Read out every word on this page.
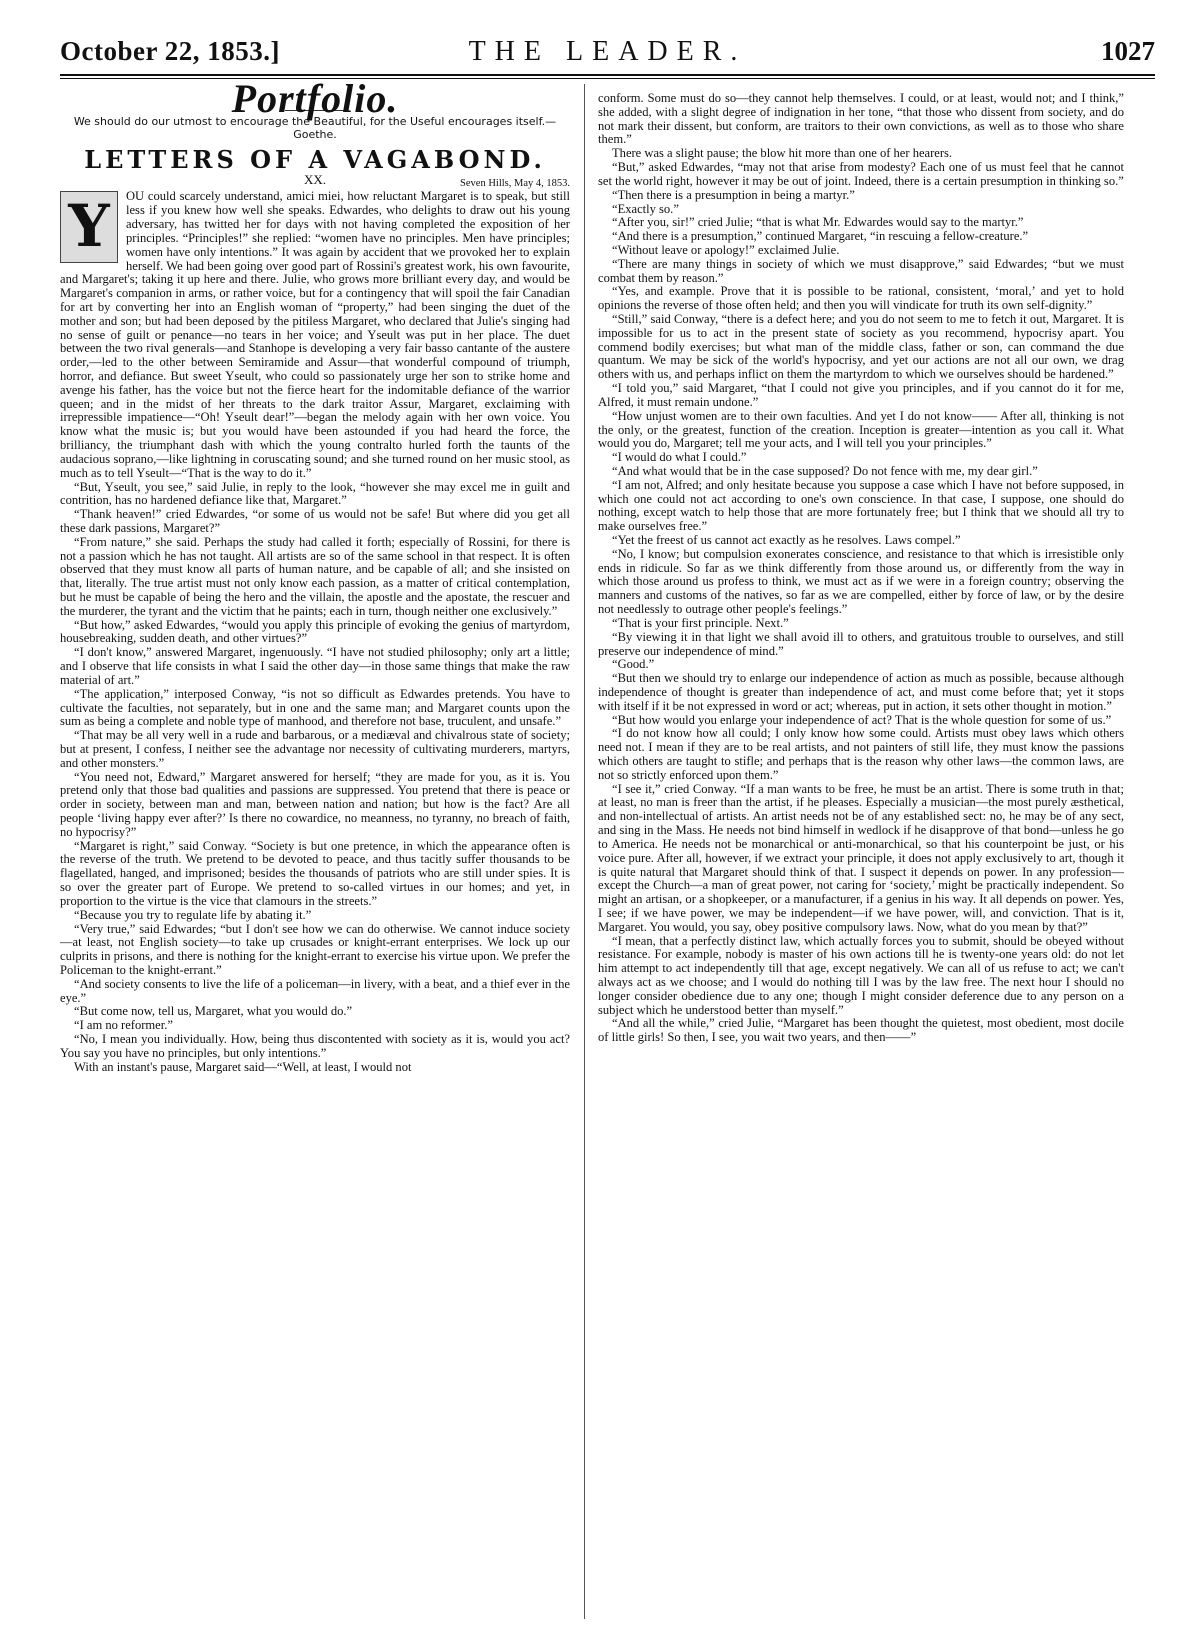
October 22, 1853.]	THE LEADER.	1027
Portfolio.
We should do our utmost to encourage the Beautiful, for the Useful encourages itself.—Goethe.
LETTERS OF A VAGABOND.
XX.	Seven Hills, May 4, 1853.
Y	OU could scarcely understand, amici miei, how reluctant Margaret is to speak, but still less if you knew how well she speaks. Edwardes, who delights to draw out his young adversary, has twitted her for days with not having completed the exposition of her principles. “Principles!” she replied: “women have no principles. Men have principles; women have only intentions.” It was again by accident that we provoked her to explain herself. We had been going over good part of Rossini's greatest work, his own favourite, and Margaret's; taking it up here and there. Julie, who grows more brilliant every day, and would be Margaret's companion in arms, or rather voice, but for a contingency that will spoil the fair Canadian for art by converting her into an English woman of “property,” had been singing the duet of the mother and son; but had been deposed by the pitiless Margaret, who declared that Julie's singing had no sense of guilt or penance—no tears in her voice; and Yseult was put in her place. The duet between the two rival generals—and Stanhope is developing a very fair basso cantante of the austere order,—led to the other between Semiramide and Assur—that wonderful compound of triumph, horror, and defiance. But sweet Yseult, who could so passionately urge her son to strike home and avenge his father, has the voice but not the fierce heart for the indomitable defiance of the warrior queen; and in the midst of her threats to the dark traitor Assur, Margaret, exclaiming with irrepressible impatience—“Oh! Yseult dear!”—began the melody again with her own voice. You know what the music is; but you would have been astounded if you had heard the force, the brilliancy, the triumphant dash with which the young contralto hurled forth the taunts of the audacious soprano,—like lightning in coruscating sound; and she turned round on her music stool, as much as to tell Yseult—“That is the way to do it.”

“But, Yseult, you see,” said Julie, in reply to the look, “however she may excel me in guilt and contrition, has no hardened defiance like that, Margaret.”

“Thank heaven!” cried Edwardes, “or some of us would not be safe! But where did you get all these dark passions, Margaret?”

“From nature,” she said. Perhaps the study had called it forth; especially of Rossini, for there is not a passion which he has not taught. All artists are so of the same school in that respect. It is often observed that they must know all parts of human nature, and be capable of all; and she insisted on that, literally. The true artist must not only know each passion, as a matter of critical contemplation, but he must be capable of being the hero and the villain, the apostle and the apostate, the rescuer and the murderer, the tyrant and the victim that he paints; each in turn, though neither one exclusively.”

“But how,” asked Edwardes, “would you apply this principle of evoking the genius of martyrdom, housebreaking, sudden death, and other virtues?”

“I don't know,” answered Margaret, ingenuously. “I have not studied philosophy; only art a little; and I observe that life consists in what I said the other day—in those same things that make the raw material of art.”

“The application,” interposed Conway, “is not so difficult as Edwardes pretends. You have to cultivate the faculties, not separately, but in one and the same man; and Margaret counts upon the sum as being a complete and noble type of manhood, and therefore not base, truculent, and unsafe.”

“That may be all very well in a rude and barbarous, or a mediæval and chivalrous state of society; but at present, I confess, I neither see the advantage nor necessity of cultivating murderers, martyrs, and other monsters.”

“You need not, Edward,” Margaret answered for herself; “they are made for you, as it is. You pretend only that those bad qualities and passions are suppressed. You pretend that there is peace or order in society, between man and man, between nation and nation; but how is the fact? Are all people ‘living happy ever after?’ Is there no cowardice, no meanness, no tyranny, no breach of faith, no hypocrisy?”

“Margaret is right,” said Conway. “Society is but one pretence, in which the appearance often is the reverse of the truth. We pretend to be devoted to peace, and thus tacitly suffer thousands to be flagellated, hanged, and imprisoned; besides the thousands of patriots who are still under spies. It is so over the greater part of Europe. We pretend to so-called virtues in our homes; and yet, in proportion to the virtue is the vice that clamours in the streets.”

“Because you try to regulate life by abating it.”

“Very true,” said Edwardes; “but I don't see how we can do otherwise. We cannot induce society—at least, not English society—to take up crusades or knight-errant enterprises. We lock up our culprits in prisons, and there is nothing for the knight-errant to exercise his virtue upon. We prefer the Policeman to the knight-errant.”

“And society consents to live the life of a policeman—in livery, with a beat, and a thief ever in the eye.”

“But come now, tell us, Margaret, what you would do.”

“I am no reformer.”

“No, I mean you individually. How, being thus discontented with society as it is, would you act? You say you have no principles, but only intentions.”

With an instant's pause, Margaret said—“Well, at least, I would not

conform. Some must do so—they cannot help themselves. I could, or at least, would not; and I think,” she added, with a slight degree of indignation in her tone, “that those who dissent from society, and do not mark their dissent, but conform, are traitors to their own convictions, as well as to those who share them.”

There was a slight pause; the blow hit more than one of her hearers.

“But,” asked Edwardes, “may not that arise from modesty? Each one of us must feel that he cannot set the world right, however it may be out of joint. Indeed, there is a certain presumption in thinking so.”

“Then there is a presumption in being a martyr.”

“Exactly so.”

“After you, sir!” cried Julie; “that is what Mr. Edwardes would say to the martyr.”

“And there is a presumption,” continued Margaret, “in rescuing a fellow-creature.”

“Without leave or apology!” exclaimed Julie.

“There are many things in society of which we must disapprove,” said Edwardes; “but we must combat them by reason.”

“Yes, and example. Prove that it is possible to be rational, consistent, ‘moral,’ and yet to hold opinions the reverse of those often held; and then you will vindicate for truth its own self-dignity.”

“Still,” said Conway, “there is a defect here; and you do not seem to me to fetch it out, Margaret. It is impossible for us to act in the present state of society as you recommend, hypocrisy apart. You commend bodily exercises; but what man of the middle class, father or son, can command the due quantum. We may be sick of the world's hypocrisy, and yet our actions are not all our own, we drag others with us, and perhaps inflict on them the martyrdom to which we ourselves should be hardened.”

“I told you,” said Margaret, “that I could not give you principles, and if you cannot do it for me, Alfred, it must remain undone.”

“How unjust women are to their own faculties. And yet I do not know—— After all, thinking is not the only, or the greatest, function of the creation. Inception is greater—intention as you call it. What would you do, Margaret; tell me your acts, and I will tell you your principles.”

“I would do what I could.”

“And what would that be in the case supposed? Do not fence with me, my dear girl.”

“I am not, Alfred; and only hesitate because you suppose a case which I have not before supposed, in which one could not act according to one's own conscience. In that case, I suppose, one should do nothing, except watch to help those that are more fortunately free; but I think that we should all try to make ourselves free.”

“Yet the freest of us cannot act exactly as he resolves. Laws compel.”

“No, I know; but compulsion exonerates conscience, and resistance to that which is irresistible only ends in ridicule. So far as we think differently from those around us, or differently from the way in which those around us profess to think, we must act as if we were in a foreign country; observing the manners and customs of the natives, so far as we are compelled, either by force of law, or by the desire not needlessly to outrage other people's feelings.”

“That is your first principle. Next.”

“By viewing it in that light we shall avoid ill to others, and gratuitous trouble to ourselves, and still preserve our independence of mind.”

“Good.”

“But then we should try to enlarge our independence of action as much as possible, because although independence of thought is greater than independence of act, and must come before that; yet it stops with itself if it be not expressed in word or act; whereas, put in action, it sets other thought in motion.”

“But how would you enlarge your independence of act? That is the whole question for some of us.”

“I do not know how all could; I only know how some could. Artists must obey laws which others need not. I mean if they are to be real artists, and not painters of still life, they must know the passions which others are taught to stifle; and perhaps that is the reason why other laws—the common laws, are not so strictly enforced upon them.”

“I see it,” cried Conway. “If a man wants to be free, he must be an artist. There is some truth in that; at least, no man is freer than the artist, if he pleases. Especially a musician—the most purely æsthetical, and non-intellectual of artists. An artist needs not be of any established sect: no, he may be of any sect, and sing in the Mass. He needs not bind himself in wedlock if he disapprove of that bond—unless he go to America. He needs not be monarchical or anti-monarchical, so that his counterpoint be just, or his voice pure. After all, however, if we extract your principle, it does not apply exclusively to art, though it is quite natural that Margaret should think of that. I suspect it depends on power. In any profession—except the Church—a man of great power, not caring for ‘society,’ might be practically independent. So might an artisan, or a shopkeeper, or a manufacturer, if a genius in his way. It all depends on power. Yes, I see; if we have power, we may be independent—if we have power, will, and conviction. That is it, Margaret. You would, you say, obey positive compulsory laws. Now, what do you mean by that?”

“I mean, that a perfectly distinct law, which actually forces you to submit, should be obeyed without resistance. For example, nobody is master of his own actions till he is twenty-one years old: do not let him attempt to act independently till that age, except negatively. We can all of us refuse to act; we can't always act as we choose; and I would do nothing till I was by the law free. The next hour I should no longer consider obedience due to any one; though I might consider deference due to any person on a subject which he understood better than myself.”

“And all the while,” cried Julie, “Margaret has been thought the quietest, most obedient, most docile of little girls! So then, I see, you wait two years, and then——”
